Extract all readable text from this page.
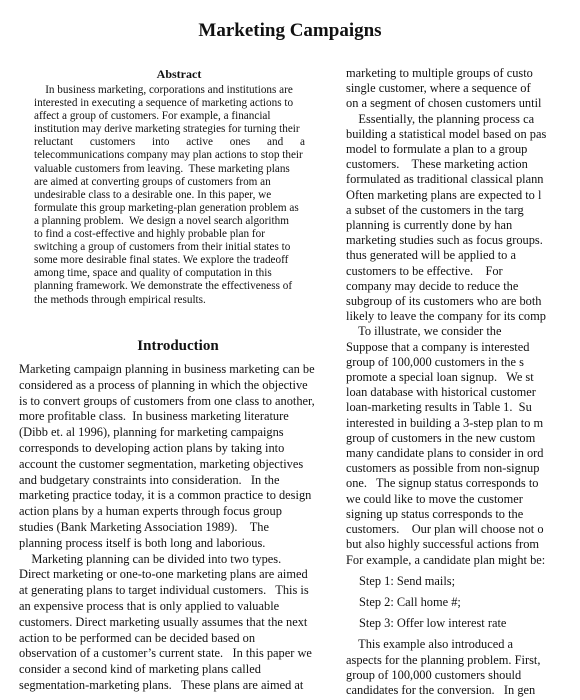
Marketing Campaigns
Abstract
In business marketing, corporations and institutions are
interested in executing a sequence of marketing actions to
affect a group of customers. For example, a financial
institution may derive marketing strategies for turning their
reluctant      customers      into      active      ones      and      a
telecommunications company may plan actions to stop their
valuable customers from leaving.  These marketing plans
are aimed at converting groups of customers from an
undesirable class to a desirable one. In this paper, we
formulate this group marketing-plan generation problem as
a planning problem.  We design a novel search algorithm
to find a cost-effective and highly probable plan for
switching a group of customers from their initial states to
some more desirable final states. We explore the tradeoff
among time, space and quality of computation in this
planning framework. We demonstrate the effectiveness of
the methods through empirical results.
Introduction
Marketing campaign planning in business marketing can be
considered as a process of planning in which the objective
is to convert groups of customers from one class to another,
more profitable class.  In business marketing literature
(Dibb et. al 1996), planning for marketing campaigns
corresponds to developing action plans by taking into
account the customer segmentation, marketing objectives
and budgetary constraints into consideration.   In the
marketing practice today, it is a common practice to design
action plans by a human experts through focus group
studies (Bank Marketing Association 1989).    The
planning process itself is both long and laborious.
Marketing planning can be divided into two types.
Direct marketing or one-to-one marketing plans are aimed
at generating plans to target individual customers.   This is
an expensive process that is only applied to valuable
customers. Direct marketing usually assumes that the next
action to be performed can be decided based on
observation of a customer’s current state.   In this paper we
consider a second kind of marketing plans called
segmentation-marketing plans.   These plans are aimed at
marketing to multiple groups of custo
single customer, where a sequence of
on a segment of chosen customers until
Essentially, the planning process ca
building a statistical model based on pas
model to formulate a plan to a group
customers.    These marketing action
formulated as traditional classical plann
Often marketing plans are expected to l
a subset of the customers in the targ
planning is currently done by han
marketing studies such as focus groups.
thus generated will be applied to a
customers to be effective.    For
company may decide to reduce the
subgroup of its customers who are both
likely to leave the company for its comp
To illustrate, we consider the
Suppose that a company is interested
group of 100,000 customers in the s
promote a special loan signup.   We st
loan database with historical customer
loan-marketing results in Table 1.  Su
interested in building a 3-step plan to m
group of customers in the new custom
many candidate plans to consider in ord
customers as possible from non-signup
one.   The signup status corresponds to
we could like to move the customer
signing up status corresponds to the
customers.    Our plan will choose not o
but also highly successful actions from
For example, a candidate plan might be:
Step 1: Send mails;
Step 2: Call home #;
Step 3: Offer low interest rate
This example also introduced a
aspects for the planning problem. First,
group of 100,000 customers should
candidates for the conversion.   In gen
